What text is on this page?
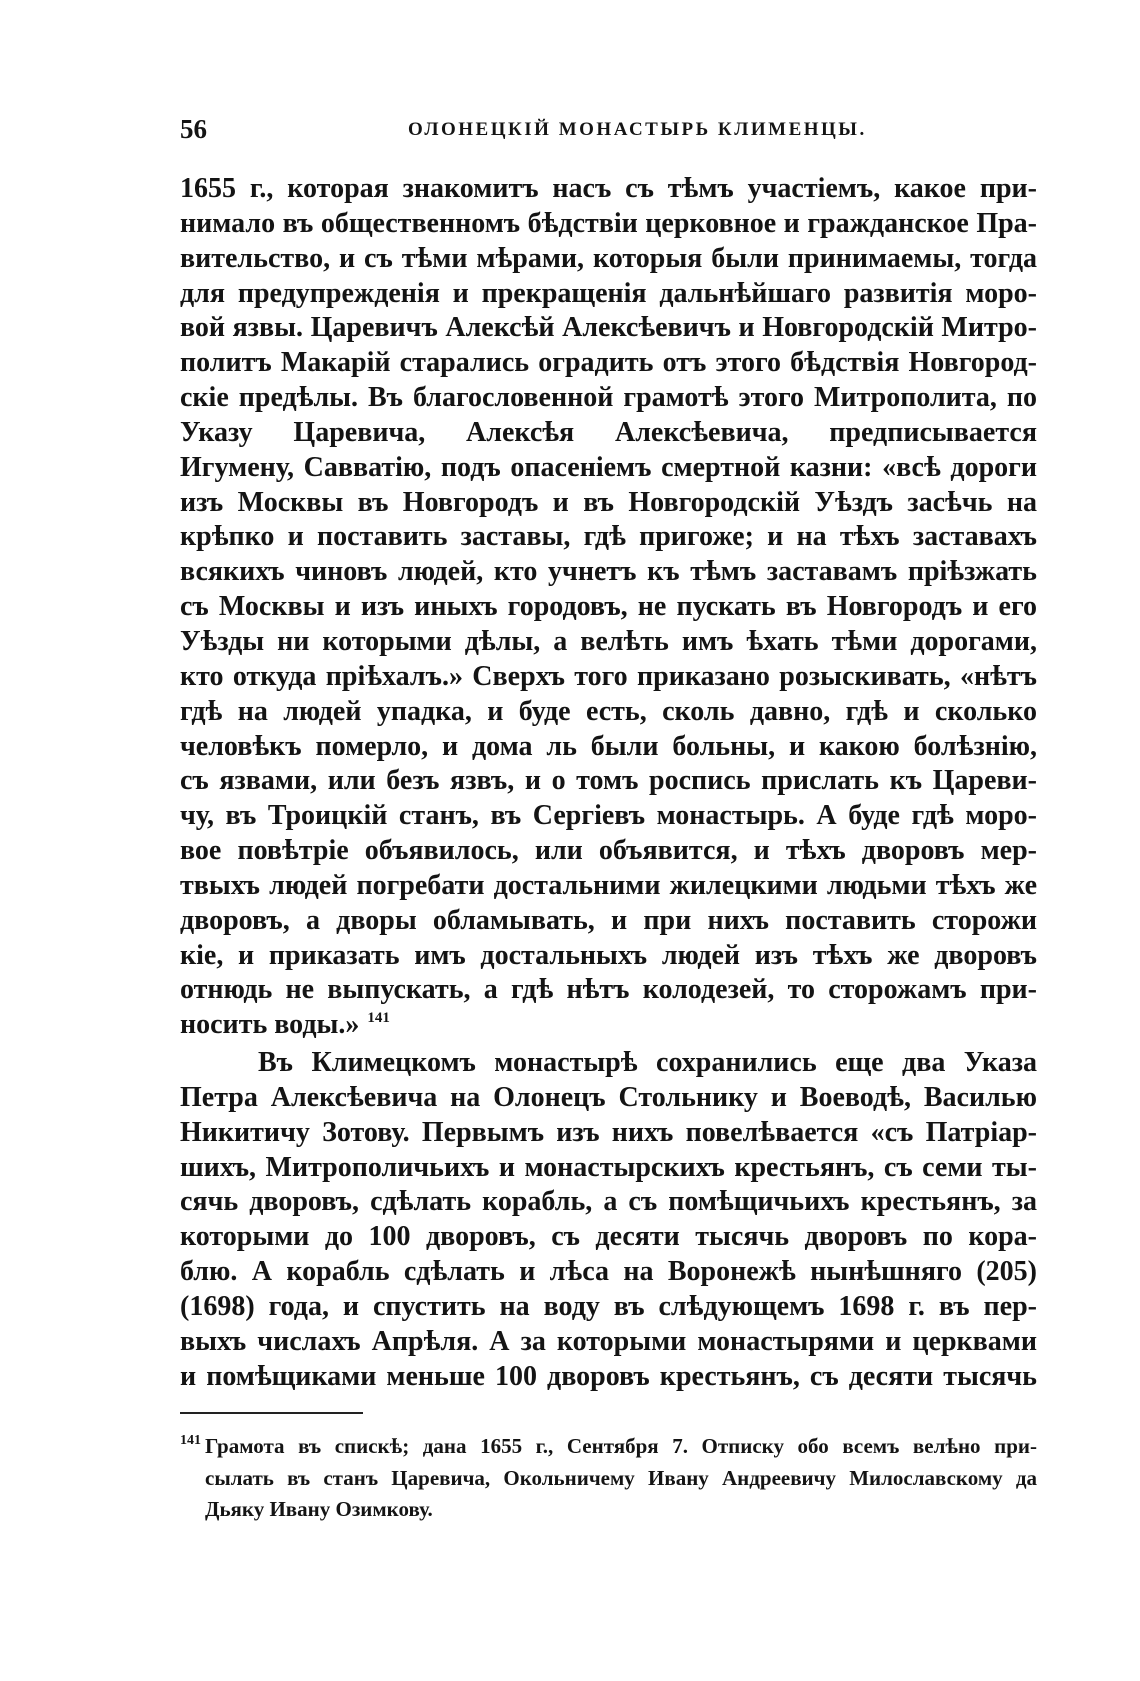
56	ОЛОНЕЦКІЙ МОНАСТЫРЬ КЛИМЕНЦЫ.
1655 г., которая знакомитъ насъ съ тѣмъ участіемъ, какое при-
нимало въ общественномъ бѣдствіи церковное и гражданское Пра-
вительство, и съ тѣми мѣрами, которыя были принимаемы, тогда
для предупрежденія и прекращенія дальнѣйшаго развитія моро-
вой язвы. Царевичъ Алексѣй Алексѣевичъ и Новгородскій Митро-
политъ Макарій старались оградить отъ этого бѣдствія Новгород-
скіе предѣлы. Въ благословенной грамотѣ этого Митрополита, по
Указу Царевича, Алексѣя Алексѣевича, предписывается
Игумену, Савватію, подъ опасеніемъ смертной казни: «всѣ дороги
изъ Москвы въ Новгородъ и въ Новгородскій Уѣздъ засѣчь на
крѣпко и поставить заставы, гдѣ пригоже; и на тѣхъ заставахъ
всякихъ чиновъ людей, кто учнетъ къ тѣмъ заставамъ пріѣзжать
съ Москвы и изъ иныхъ городовъ, не пускать въ Новгородъ и его
Уѣзды ни которыми дѣлы, а велѣть имъ ѣхать тѣми дорогами,
кто откуда пріѣхалъ.» Сверхъ того приказано розыскивать, «нѣтъ
гдѣ на людей упадка, и буде есть, сколь давно, гдѣ и сколько
человѣкъ померло, и дома ль были больны, и какою болѣзнію,
съ язвами, или безъ язвъ, и о томъ роспись прислать къ Цареви-
чу, въ Троицкій станъ, въ Сергіевъ монастырь. А буде гдѣ моро-
вое повѣтріе объявилось, или объявится, и тѣхъ дворовъ мер-
твыхъ людей погребати достальними жилецкими людьми тѣхъ же
дворовъ, а дворы обламывать, и при нихъ поставить сторожи
кіе, и приказать имъ достальныхъ людей изъ тѣхъ же дворовъ
отнюдь не выпускать, а гдѣ нѣтъ колодезей, то сторожамъ при-
носить воды.» $^{141}$
Въ Климецкомъ монастырѣ сохранились еще два Указа
Петра Алексѣевича на Олонецъ Стольнику и Воеводѣ, Василью
Никитичу Зотову. Первымъ изъ нихъ повелѣвается «съ Патріар-
шихъ, Митрополичьихъ и монастырскихъ крестьянъ, съ семи ты-
сячь дворовъ, сдѣлать корабль, а съ помѣщичьихъ крестьянъ, за
которыми до 100 дворовъ, съ десяти тысячь дворовъ по кора-
блю. А корабль сдѣлать и лѣса на Воронежѣ нынѣшняго (205)
(1698) года, и спустить на воду въ слѣдующемъ 1698 г. въ пер-
выхъ числахъ Апрѣля. А за которыми монастырями и церквами
и помѣщиками меньше 100 дворовъ крестьянъ, съ десяти тысячь
141 Грамота въ спискѣ; дана 1655 г., Сентября 7. Отписку обо всемъ велѣно при-
сылать въ станъ Царевича, Окольничему Ивану Андреевичу Милославскому да
Дьяку Ивану Озимкову.
